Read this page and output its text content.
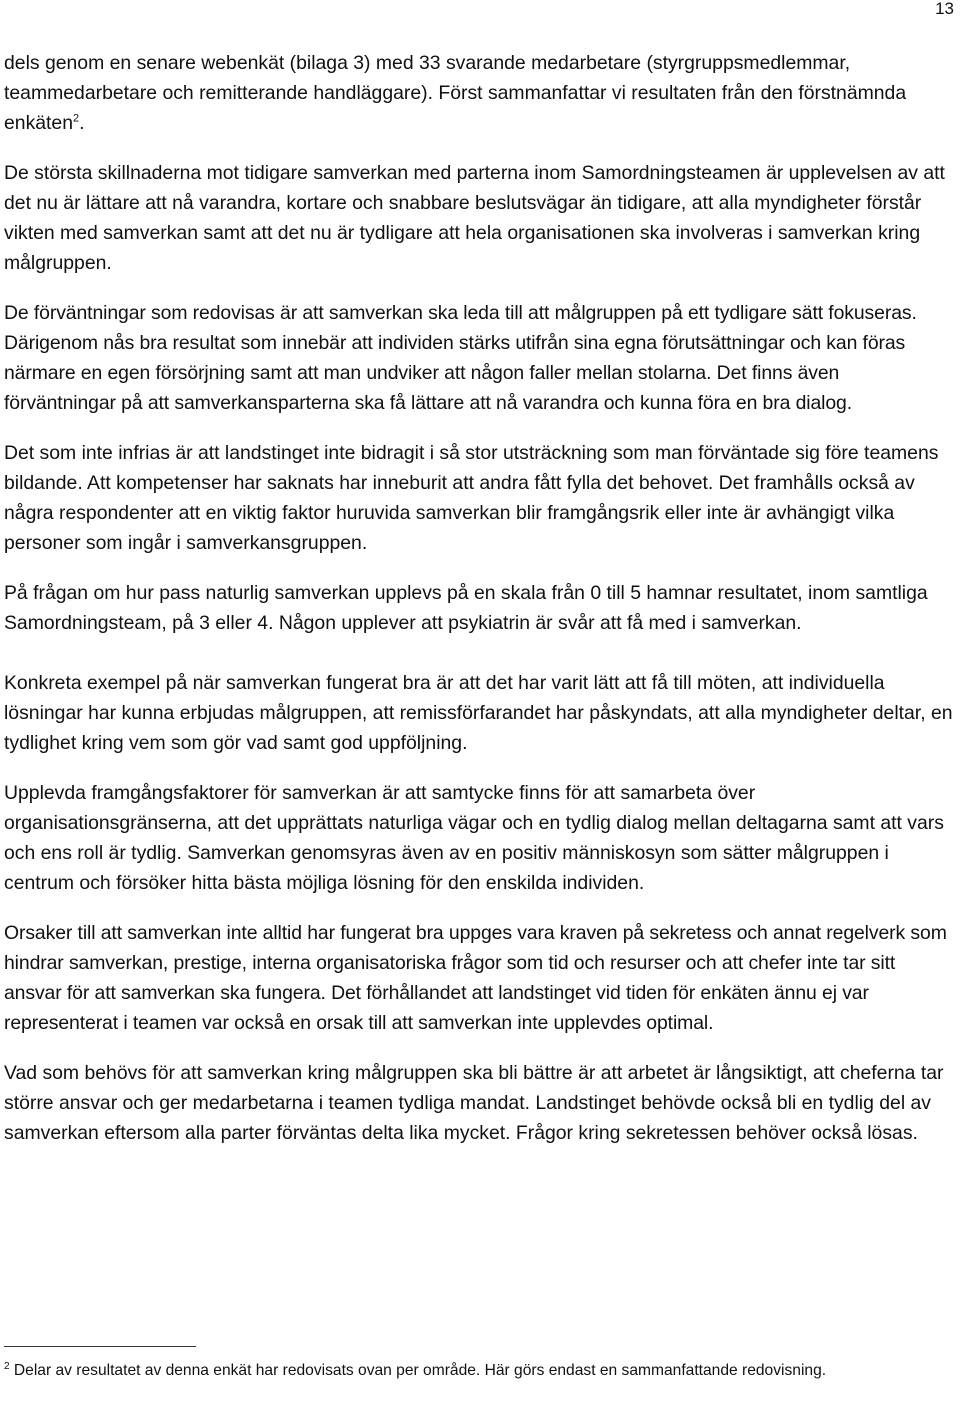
13

dels genom en senare webenkät (bilaga 3) med 33 svarande medarbetare (styrgruppsmedlemmar, teammedarbetare och remitterande handläggare). Först sammanfattar vi resultaten från den förstnämnda enkäten$^2$.

De största skillnaderna mot tidigare samverkan med parterna inom Samordningsteamen är upplevelsen av att det nu är lättare att nå varandra, kortare och snabbare beslutsvägar än tidigare, att alla myndigheter förstår vikten med samverkan samt att det nu är tydligare att hela organisationen ska involveras i samverkan kring målgruppen.

De förväntningar som redovisas är att samverkan ska leda till att målgruppen på ett tydligare sätt fokuseras. Därigenom nås bra resultat som innebär att individen stärks utifrån sina egna förutsättningar och kan föras närmare en egen försörjning samt att man undviker att någon faller mellan stolarna. Det finns även förväntningar på att samverkansparterna ska få lättare att nå varandra och kunna föra en bra dialog.

Det som inte infrias är att landstinget inte bidragit i så stor utsträckning som man förväntade sig före teamens bildande. Att kompetenser har saknats har inneburit att andra fått fylla det behovet. Det framhålls också av några respondenter att en viktig faktor huruvida samverkan blir framgångsrik eller inte är avhängigt vilka personer som ingår i samverkansgruppen.

På frågan om hur pass naturlig samverkan upplevs på en skala från 0 till 5 hamnar resultatet, inom samtliga Samordningsteam, på 3 eller 4. Någon upplever att psykiatrin är svår att få med i samverkan.

Konkreta exempel på när samverkan fungerat bra är att det har varit lätt att få till möten, att individuella lösningar har kunna erbjudas målgruppen, att remissförfarandet har påskyndats, att alla myndigheter deltar, en tydlighet kring vem som gör vad samt god uppföljning.

Upplevda framgångsfaktorer för samverkan är att samtycke finns för att samarbeta över organisationsgränserna, att det upprättats naturliga vägar och en tydlig dialog mellan deltagarna samt att vars och ens roll är tydlig. Samverkan genomsyras även av en positiv människosyn som sätter målgruppen i centrum och försöker hitta bästa möjliga lösning för den enskilda individen.

Orsaker till att samverkan inte alltid har fungerat bra uppges vara kraven på sekretess och annat regelverk som hindrar samverkan, prestige, interna organisatoriska frågor som tid och resurser och att chefer inte tar sitt ansvar för att samverkan ska fungera. Det förhållandet att landstinget vid tiden för enkäten ännu ej var representerat i teamen var också en orsak till att samverkan inte upplevdes optimal.

Vad som behövs för att samverkan kring målgruppen ska bli bättre är att arbetet är långsiktigt, att cheferna tar större ansvar och ger medarbetarna i teamen tydliga mandat. Landstinget behövde också bli en tydlig del av samverkan eftersom alla parter förväntas delta lika mycket. Frågor kring sekretessen behöver också lösas.

$^2$ Delar av resultatet av denna enkät har redovisats ovan per område. Här görs endast en sammanfattande redovisning.
